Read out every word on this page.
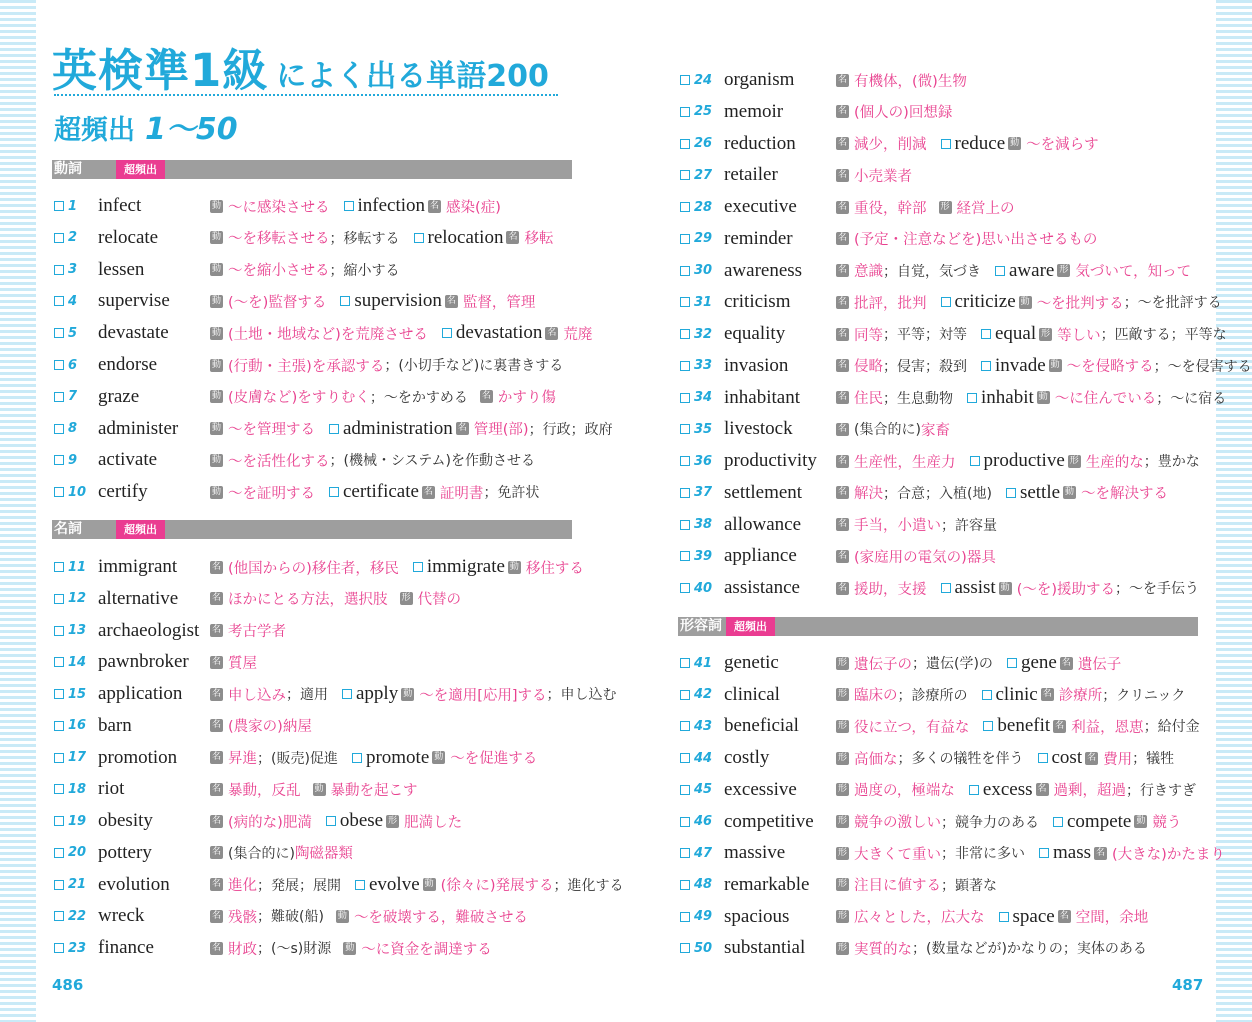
英検準1級 によく出る単語200
超頻出 1〜50
動詞	超頻出
名詞	超頻出
486
形容詞	超頻出
487
1	infect	動 〜に感染させる infection 名 感染(症)
2	relocate	動 〜を移転させる ；移転する relocation 名 移転
3	lessen	動 〜を縮小させる ；縮小する
4	supervise	動 (〜を)監督する supervision 名 監督，管理
5	devastate	動 (土地・地域など)を荒廃させる devastation 名 荒廃
6	endorse	動 (行動・主張)を承認する ；(小切手など)に裏書きする
7	graze	動 (皮膚など)をすりむく ；〜をかすめる 名 かすり傷
8	administer	動 〜を管理する administration 名 管理(部) ；行政；政府
9	activate	動 〜を活性化する ；(機械・システム)を作動させる
10 certify	動 〜を証明する certificate 名 証明書 ；免許状
11 immigrant	名 (他国からの)移住者，移民 immigrate 動 移住する
12 alternative	名 ほかにとる方法，選択肢 形 代替の
13 archaeologist 名 考古学者
14 pawnbroker	名 質屋
15 application	名 申し込み ；適用 apply 動 〜を適用[応用]する ；申し込む
16 barn	名 (農家の)納屋
17 promotion	名 昇進 ；(販売)促進 promote 動 〜を促進する
18 riot	名 暴動，反乱 動 暴動を起こす
19 obesity	名 (病的な)肥満 obese 形 肥満した
20 pottery	名 (集合的に) 陶磁器類
21 evolution	名 進化 ；発展；展開 evolve 動 (徐々に)発展する ；進化する
22 wreck	名 残骸 ；難破(船) 動 〜を破壊する，難破させる
23 finance	名 財政 ；(〜s)財源 動 〜に資金を調達する
24 organism	名 有機体，(微)生物
25 memoir	名 (個人の)回想録
26 reduction	名 減少，削減 reduce 動 〜を減らす
27 retailer	名 小売業者
28 executive	名 重役，幹部 形 経営上の
29 reminder	名 (予定・注意などを)思い出させるもの
30 awareness	名 意識 ；自覚，気づき aware 形 気づいて，知って
31 criticism	名 批評，批判 criticize 動 〜を批判する ；〜を批評する
32 equality	名 同等 ；平等；対等 equal 形 等しい ；匹敵する；平等な
33 invasion	名 侵略 ；侵害；殺到 invade 動 〜を侵略する ；〜を侵害する
34 inhabitant	名 住民 ；生息動物 inhabit 動 〜に住んでいる ；〜に宿る
35 livestock	名 (集合的に) 家畜
36 productivity	名 生産性，生産力 productive 形 生産的な ；豊かな
37 settlement	名 解決 ；合意；入植(地) settle 動 〜を解決する
38 allowance	名 手当，小遣い ；許容量
39 appliance	名 (家庭用の電気の)器具
40 assistance	名 援助，支援 assist 動 (〜を)援助する ；〜を手伝う
41 genetic	形 遺伝子の ；遺伝(学)の gene 名 遺伝子
42 clinical	形 臨床の ；診療所の clinic 名 診療所 ；クリニック
43 beneficial	形 役に立つ，有益な benefit 名 利益，恩恵 ；給付金
44 costly	形 高価な ；多くの犠牲を伴う cost 名 費用 ；犠牲
45 excessive	形 過度の，極端な excess 名 過剰，超過 ；行きすぎ
46 competitive	形 競争の激しい ；競争力のある compete 動 競う
47 massive	形 大きくて重い ；非常に多い mass 名 (大きな)かたまり
48 remarkable	形 注目に値する ；顕著な
49 spacious	形 広々とした，広大な space 名 空間，余地
50 substantial	形 実質的な ；(数量などが)かなりの；実体のある
